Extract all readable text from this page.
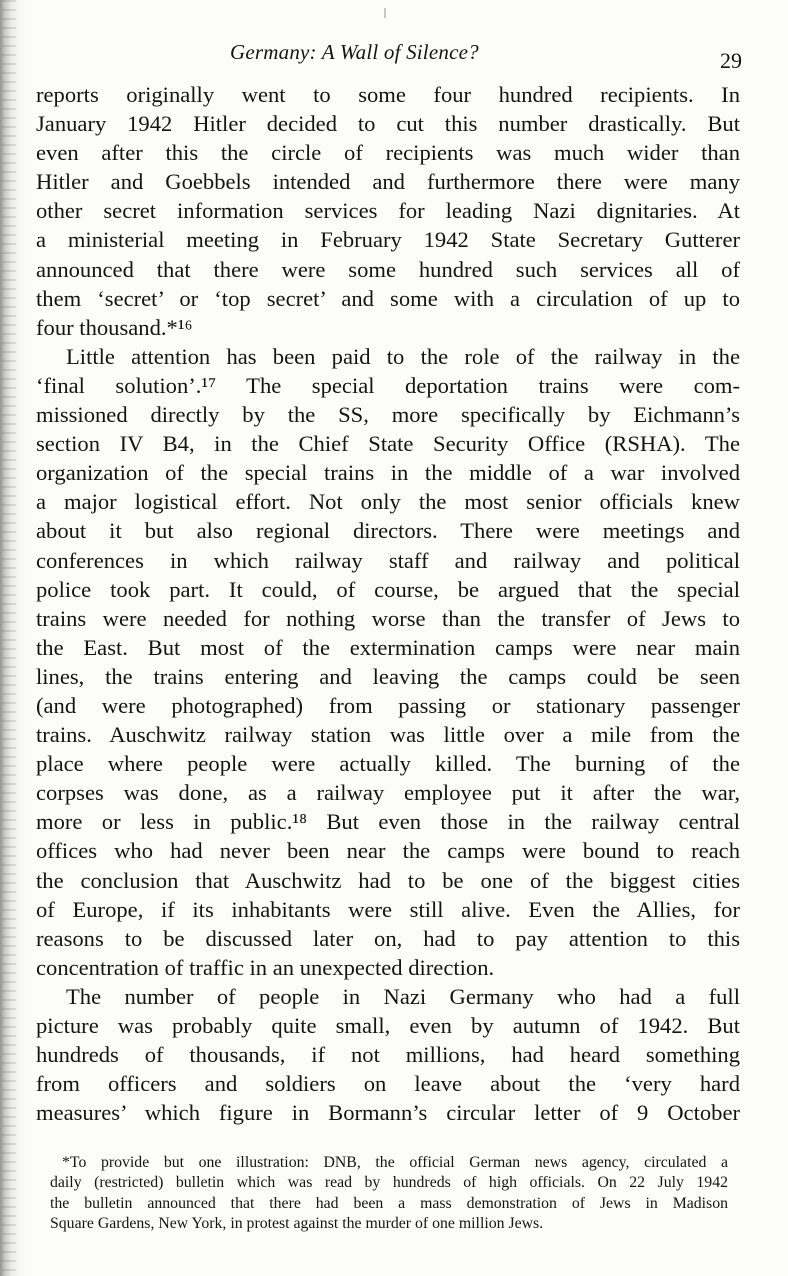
Germany: A Wall of Silence?	29
reports originally went to some four hundred recipients. In
January 1942 Hitler decided to cut this number drastically. But
even after this the circle of recipients was much wider than
Hitler and Goebbels intended and furthermore there were many
other secret information services for leading Nazi dignitaries. At
a ministerial meeting in February 1942 State Secretary Gutterer
announced that there were some hundred such services all of
them ‘secret’ or ‘top secret’ and some with a circulation of up to
four thousand.*¹⁶
Little attention has been paid to the role of the railway in the
‘final solution’.¹⁷ The special deportation trains were com-
missioned directly by the SS, more specifically by Eichmann’s
section IV B4, in the Chief State Security Office (RSHA). The
organization of the special trains in the middle of a war involved
a major logistical effort. Not only the most senior officials knew
about it but also regional directors. There were meetings and
conferences in which railway staff and railway and political
police took part. It could, of course, be argued that the special
trains were needed for nothing worse than the transfer of Jews to
the East. But most of the extermination camps were near main
lines, the trains entering and leaving the camps could be seen
(and were photographed) from passing or stationary passenger
trains. Auschwitz railway station was little over a mile from the
place where people were actually killed. The burning of the
corpses was done, as a railway employee put it after the war,
more or less in public.¹⁸ But even those in the railway central
offices who had never been near the camps were bound to reach
the conclusion that Auschwitz had to be one of the biggest cities
of Europe, if its inhabitants were still alive. Even the Allies, for
reasons to be discussed later on, had to pay attention to this
concentration of traffic in an unexpected direction.
The number of people in Nazi Germany who had a full
picture was probably quite small, even by autumn of 1942. But
hundreds of thousands, if not millions, had heard something
from officers and soldiers on leave about the ‘very hard
measures’ which figure in Bormann’s circular letter of 9 October
*To provide but one illustration: DNB, the official German news agency, circulated a
daily (restricted) bulletin which was read by hundreds of high officials. On 22 July 1942
the bulletin announced that there had been a mass demonstration of Jews in Madison
Square Gardens, New York, in protest against the murder of one million Jews.
